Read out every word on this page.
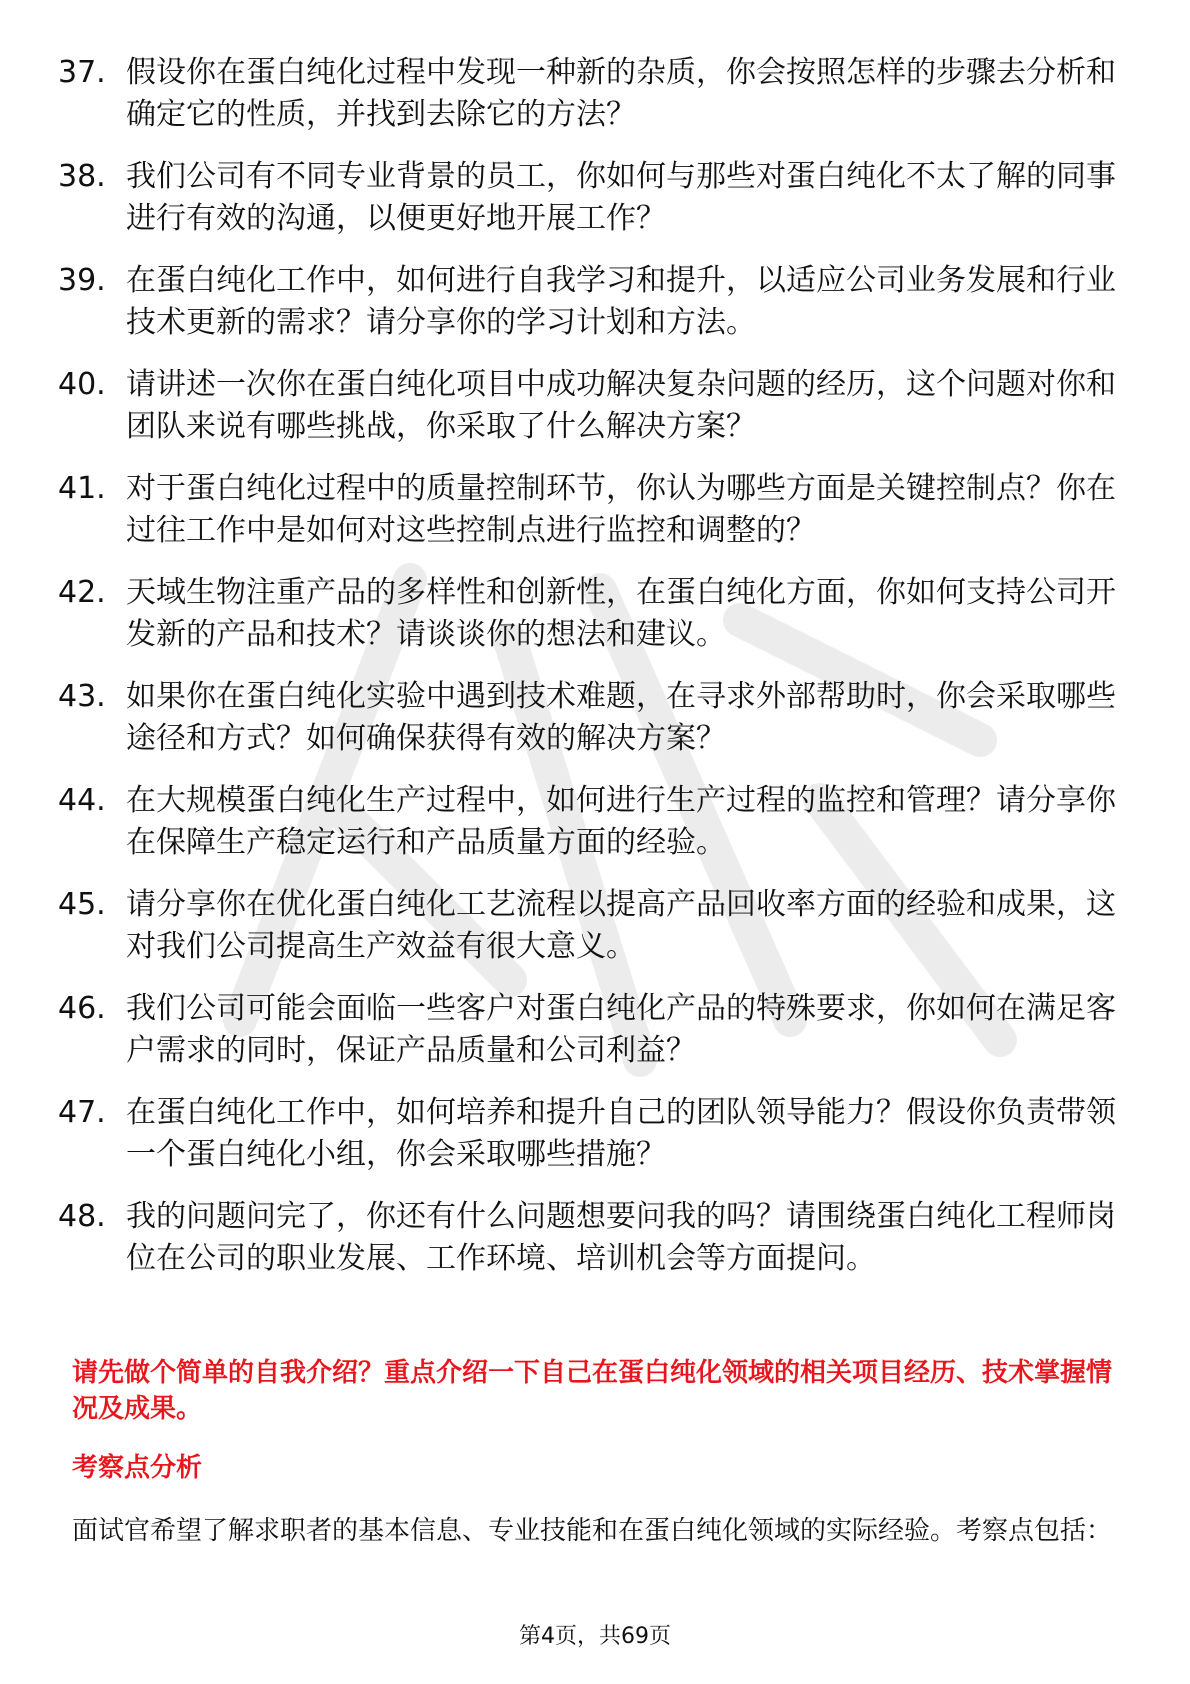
37. 假设你在蛋白纯化过程中发现一种新的杂质，你会按照怎样的步骤去分析和确定它的性质，并找到去除它的方法？
38. 我们公司有不同专业背景的员工，你如何与那些对蛋白纯化不太了解的同事进行有效的沟通，以便更好地开展工作？
39. 在蛋白纯化工作中，如何进行自我学习和提升，以适应公司业务发展和行业技术更新的需求？请分享你的学习计划和方法。
40. 请讲述一次你在蛋白纯化项目中成功解决复杂问题的经历，这个问题对你和团队来说有哪些挑战，你采取了什么解决方案？
41. 对于蛋白纯化过程中的质量控制环节，你认为哪些方面是关键控制点？你在过往工作中是如何对这些控制点进行监控和调整的？
42. 天域生物注重产品的多样性和创新性，在蛋白纯化方面，你如何支持公司开发新的产品和技术？请谈谈你的想法和建议。
43. 如果你在蛋白纯化实验中遇到技术难题，在寻求外部帮助时，你会采取哪些途径和方式？如何确保获得有效的解决方案？
44. 在大规模蛋白纯化生产过程中，如何进行生产过程的监控和管理？请分享你在保障生产稳定运行和产品质量方面的经验。
45. 请分享你在优化蛋白纯化工艺流程以提高产品回收率方面的经验和成果，这对我们公司提高生产效益有很大意义。
46. 我们公司可能会面临一些客户对蛋白纯化产品的特殊要求，你如何在满足客户需求的同时，保证产品质量和公司利益？
47. 在蛋白纯化工作中，如何培养和提升自己的团队领导能力？假设你负责带领一个蛋白纯化小组，你会采取哪些措施？
48. 我的问题问完了，你还有什么问题想要问我的吗？请围绕蛋白纯化工程师岗位在公司的职业发展、工作环境、培训机会等方面提问。

请先做个简单的自我介绍？重点介绍一下自己在蛋白纯化领域的相关项目经历、技术掌握情况及成果。

考察点分析

面试官希望了解求职者的基本信息、专业技能和在蛋白纯化领域的实际经验。考察点包括：

第4页，共69页
